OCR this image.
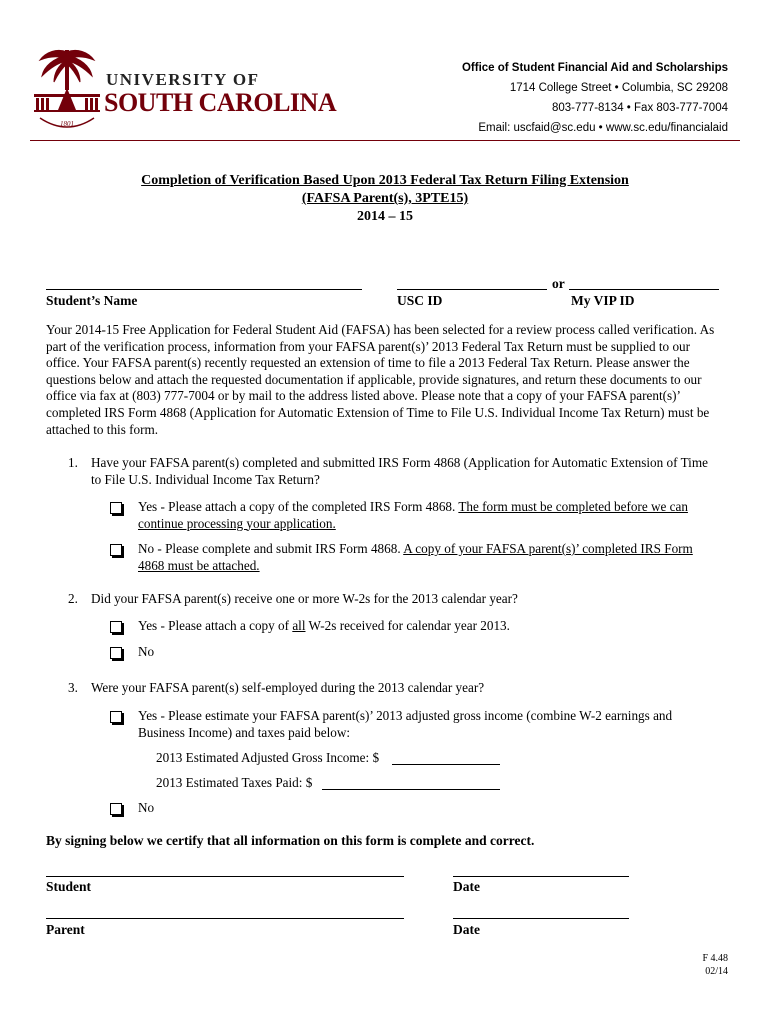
1801
UNIVERSITY OF
SOUTH CAROLINA
Office of Student Financial Aid and Scholarships
1714 College Street • Columbia, SC 29208
803-777-8134 • Fax 803-777-7004
Email: uscfaid@sc.edu • www.sc.edu/financialaid
Completion of Verification Based Upon 2013 Federal Tax Return Filing Extension
(FAFSA Parent(s), 3PTE15)
2014 – 15
Student’s Name	USC ID
or
My VIP ID
Your 2014-15 Free Application for Federal Student Aid (FAFSA) has been selected for a review process called verification. As part of the verification process, information from your FAFSA parent(s)’ 2013 Federal Tax Return must be supplied to our office. Your FAFSA parent(s) recently requested an extension of time to file a 2013 Federal Tax Return. Please answer the questions below and attach the requested documentation if applicable, provide signatures, and return these documents to our office via fax at (803) 777-7004 or by mail to the address listed above. Please note that a copy of your FAFSA parent(s)’ completed IRS Form 4868 (Application for Automatic Extension of Time to File U.S. Individual Income Tax Return) must be attached to this form.
1. Have your FAFSA parent(s) completed and submitted IRS Form 4868 (Application for Automatic Extension of Time to File U.S. Individual Income Tax Return?
Yes - Please attach a copy of the completed IRS Form 4868. The form must be completed before we can continue processing your application.
No - Please complete and submit IRS Form 4868. A copy of your FAFSA parent(s)’ completed IRS Form 4868 must be attached.
2. Did your FAFSA parent(s) receive one or more W-2s for the 2013 calendar year?
Yes - Please attach a copy of all W-2s received for calendar year 2013.
No
3. Were your FAFSA parent(s) self-employed during the 2013 calendar year?
Yes - Please estimate your FAFSA parent(s)’ 2013 adjusted gross income (combine W-2 earnings and Business Income) and taxes paid below:
2013 Estimated Adjusted Gross Income: $
2013 Estimated Taxes Paid: $
No
By signing below we certify that all information on this form is complete and correct.
Student	Date
Parent	Date
F 4.48
02/14
